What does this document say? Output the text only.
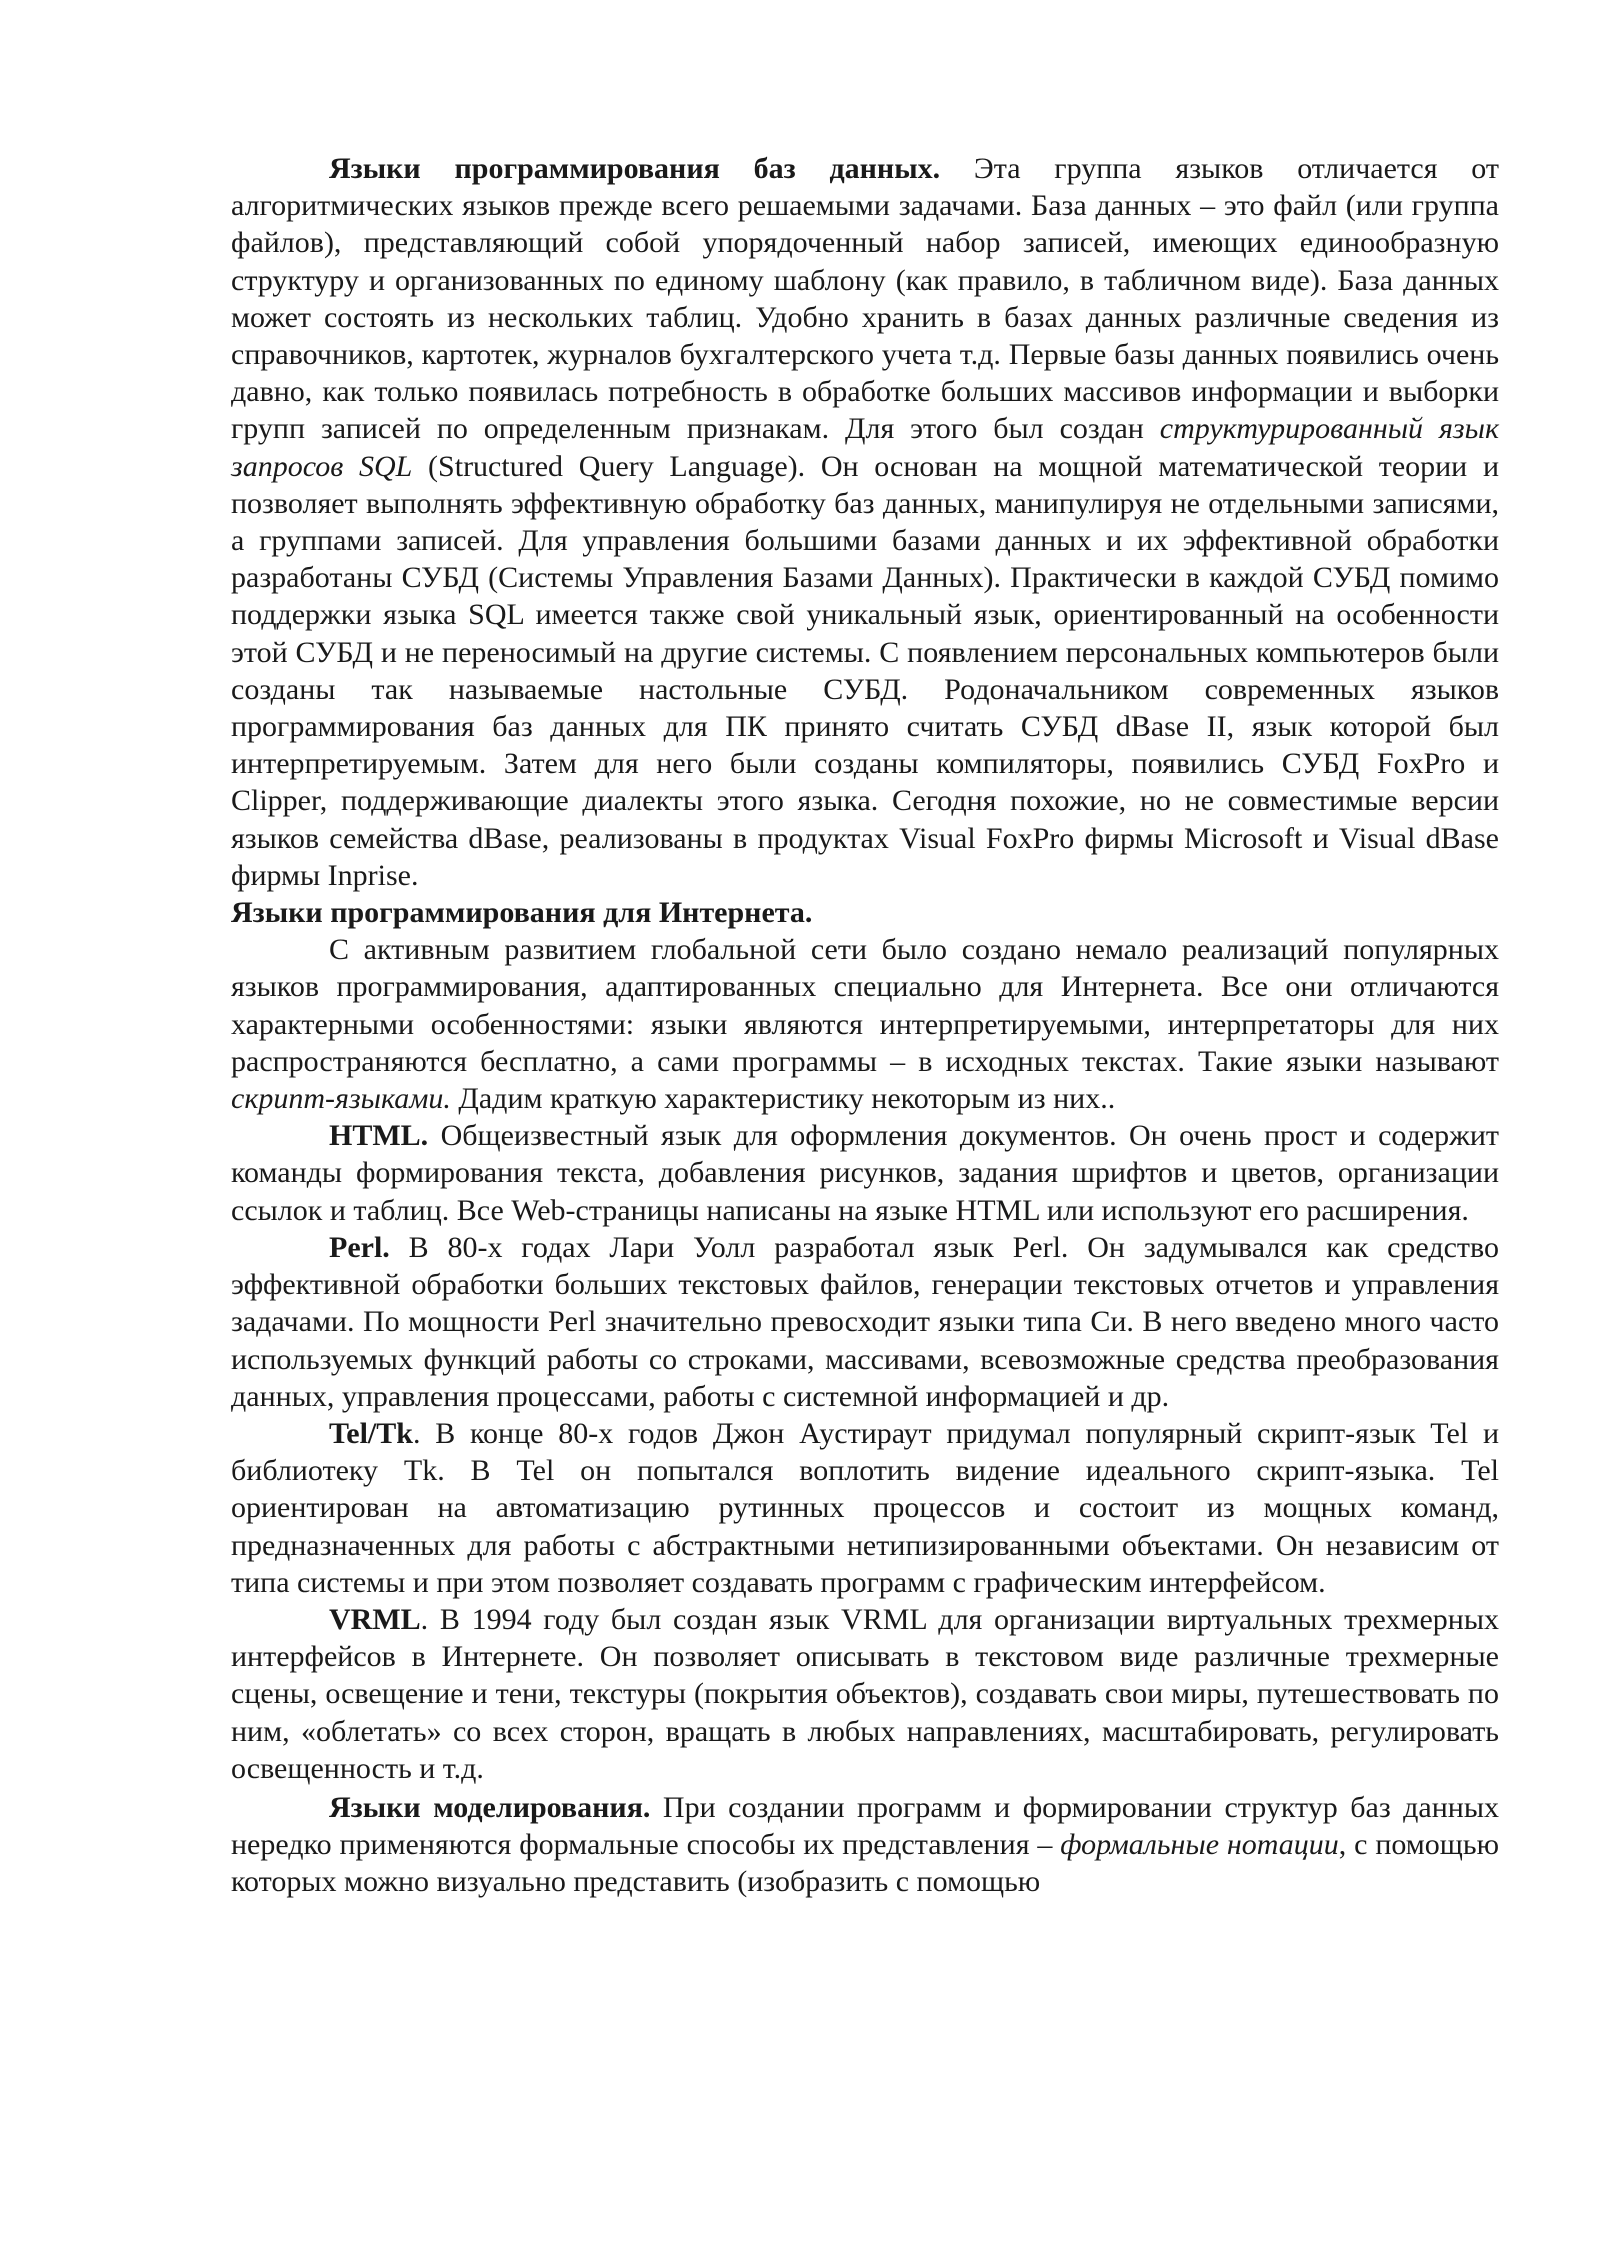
Языки программирования баз данных. Эта группа языков отличается от алгоритмических языков прежде всего решаемыми задачами. База данных – это файл (или группа файлов), представляющий собой упорядоченный набор записей, имеющих единообразную структуру и организованных по единому шаблону (как правило, в табличном виде). База данных может состоять из нескольких таблиц. Удобно хранить в базах данных различные сведения из справочников, картотек, журналов бухгалтерского учета т.д. Первые базы данных появились очень давно, как только появилась потребность в обработке больших массивов информации и выборки групп записей по определенным признакам. Для этого был создан структурированный язык запросов SQL (Structured Query Language). Он основан на мощной математической теории и позволяет выполнять эффективную обработку баз данных, манипулируя не отдельными записями, а группами записей. Для управления большими базами данных и их эффективной обработки разработаны СУБД (Системы Управления Базами Данных). Практически в каждой СУБД помимо поддержки языка SQL имеется также свой уникальный язык, ориентированный на особенности этой СУБД и не переносимый на другие системы. С появлением персональных компьютеров были созданы так называемые настольные СУБД. Родоначальником современных языков программирования баз данных для ПК принято считать СУБД dBase II, язык которой был интерпретируемым. Затем для него были созданы компиляторы, появились СУБД FoxPro и Clipper, поддерживающие диалекты этого языка. Сегодня похожие, но не совместимые версии языков семейства dBase, реализованы в продуктах Visual FoxPro фирмы Microsoft и Visual dBase фирмы Inprise.

Языки программирования для Интернета.

С активным развитием глобальной сети было создано немало реализаций популярных языков программирования, адаптированных специально для Интернета. Все они отличаются характерными особенностями: языки являются интерпретируемыми, интерпретаторы для них распространяются бесплатно, а сами программы – в исходных текстах. Такие языки называют скрипт-языками. Дадим краткую характеристику некоторым из них..

HTML. Общеизвестный язык для оформления документов. Он очень прост и содержит команды формирования текста, добавления рисунков, задания шрифтов и цветов, организации ссылок и таблиц. Все Web-страницы написаны на языке HTML или используют его расширения.

Perl. В 80-х годах Лари Уолл разработал язык Perl. Он задумывался как средство эффективной обработки больших текстовых файлов, генерации текстовых отчетов и управления задачами. По мощности Perl значительно превосходит языки типа Си. В него введено много часто используемых функций работы со строками, массивами, всевозможные средства преобразования данных, управления процессами, работы с системной информацией и др.

Tel/Tk. В конце 80-х годов Джон Аустираут придумал популярный скрипт-язык Tel и библиотеку Tk. В Tel он попытался воплотить видение идеального скрипт-языка. Tel ориентирован на автоматизацию рутинных процессов и состоит из мощных команд, предназначенных для работы с абстрактными нетипизированными объектами. Он независим от типа системы и при этом позволяет создавать программ с графическим интерфейсом.

VRML. В 1994 году был создан язык VRML для организации виртуальных трехмерных интерфейсов в Интернете. Он позволяет описывать в текстовом виде различные трехмерные сцены, освещение и тени, текстуры (покрытия объектов), создавать свои миры, путешествовать по ним, «облетать» со всех сторон, вращать в любых направлениях, масштабировать, регулировать освещенность и т.д.

Языки моделирования. При создании программ и формировании структур баз данных нередко применяются формальные способы их представления – формальные нотации, с помощью которых можно визуально представить (изобразить с помощью
